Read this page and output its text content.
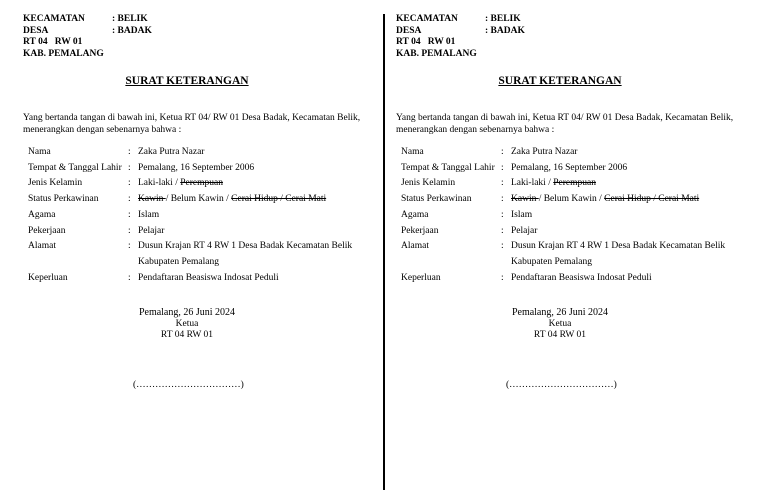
KECAMATAN	: BELIK
DESA	: BADAK
RT 04   RW 01
KAB. PEMALANG
SURAT KETERANGAN
Yang bertanda tangan di bawah ini, Ketua RT 04/ RW 01 Desa Badak, Kecamatan Belik,
menerangkan dengan sebenarnya bahwa :
Nama	: Zaka Putra Nazar
Tempat & Tanggal Lahir : Pemalang, 16 September 2006
Jenis Kelamin	: Laki-laki / Perempuan
Status Perkawinan	: Kawin / Belum Kawin / Cerai Hidup / Cerai Mati
Agama	: Islam
Pekerjaan	: Pelajar
Alamat	: Dusun Krajan RT 4 RW 1 Desa Badak Kecamatan Belik
Kabupaten Pemalang
Keperluan	: Pendaftaran Beasiswa Indosat Peduli
Pemalang, 26 Juni 2024
Ketua
RT 04 RW 01
(……………………………)
KECAMATAN	: BELIK
DESA	: BADAK
RT 04   RW 01
KAB. PEMALANG
SURAT KETERANGAN
Yang bertanda tangan di bawah ini, Ketua RT 04/ RW 01 Desa Badak, Kecamatan Belik,
menerangkan dengan sebenarnya bahwa :
Nama	: Zaka Putra Nazar
Tempat & Tanggal Lahir : Pemalang, 16 September 2006
Jenis Kelamin	: Laki-laki / Perempuan
Status Perkawinan	: Kawin / Belum Kawin / Cerai Hidup / Cerai Mati
Agama	: Islam
Pekerjaan	: Pelajar
Alamat	: Dusun Krajan RT 4 RW 1 Desa Badak Kecamatan Belik
Kabupaten Pemalang
Keperluan	: Pendaftaran Beasiswa Indosat Peduli
Pemalang, 26 Juni 2024
Ketua
RT 04 RW 01
(……………………………)
